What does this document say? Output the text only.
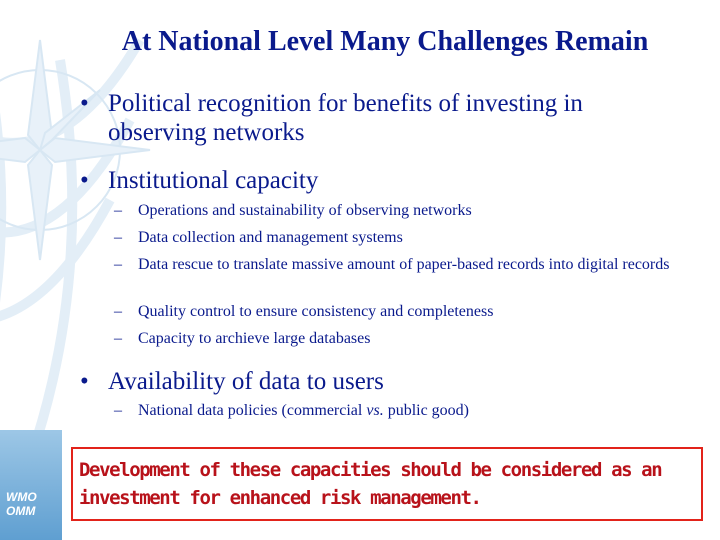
WMO
OMM
At National Level Many Challenges Remain
• Political recognition for benefits of investing in observing networks
• Institutional capacity
–	Operations and sustainability of observing networks
–	Data collection and management systems
–	Data rescue to translate massive amount of paper-based records into digital records
–	Quality control to ensure consistency and completeness
–	Capacity to archieve large databases
• Availability of data to users
–	National data policies (commercial vs. public good)
Development of these capacities should be considered as an investment for enhanced risk management.
